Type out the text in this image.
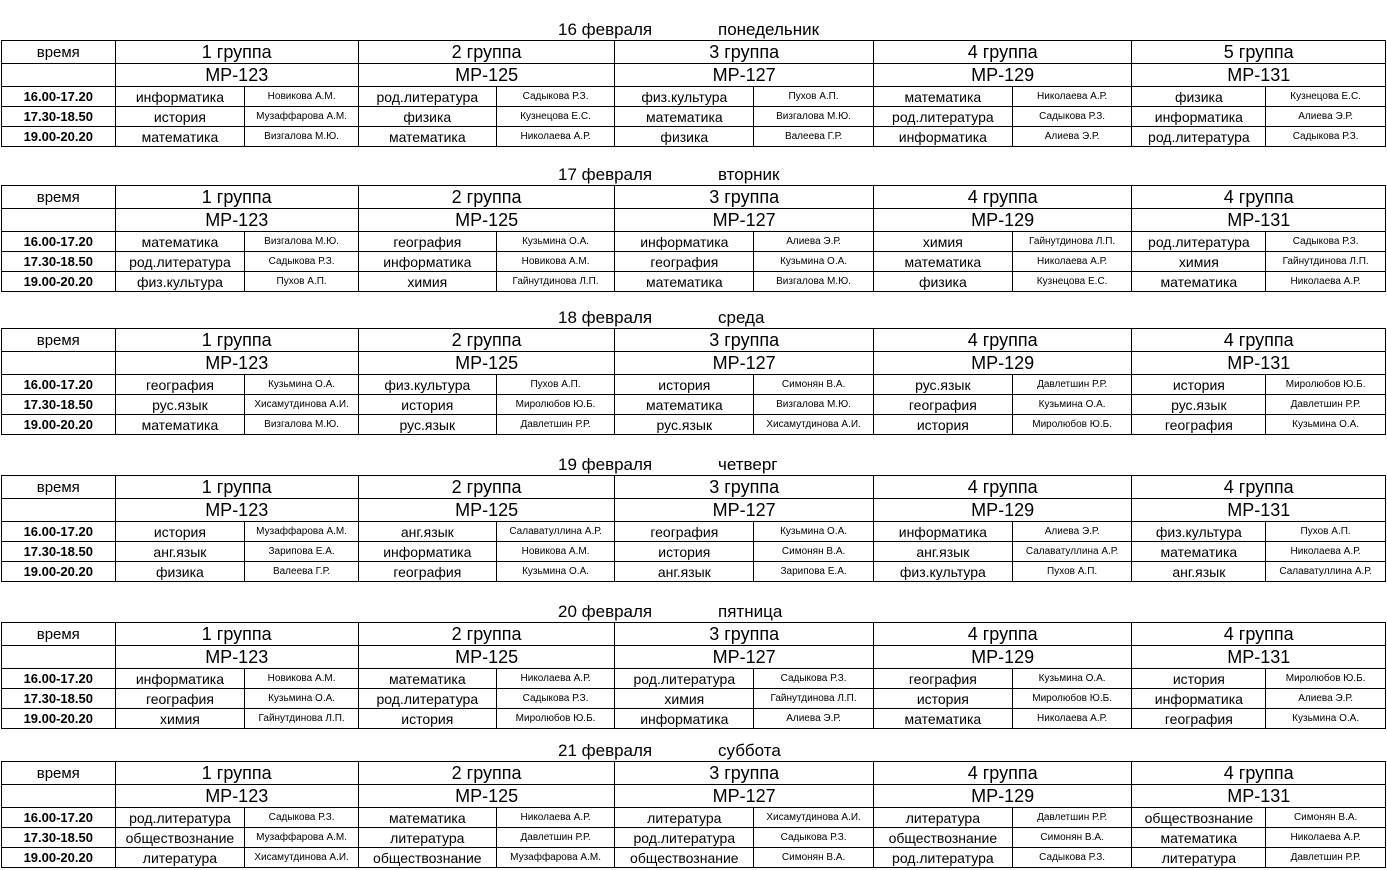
16 февраля	понедельник
время	1 группа		2 группа		3 группа		4 группа		5 группа	
	МР-123		МР-125		МР-127		МР-129		МР-131	
16.00-17.20	информатика	Новикова А.М.	род.литература	Садыкова Р.З.	физ.культура	Пухов А.П.	математика	Николаева А.Р.	физика	Кузнецова Е.С.
17.30-18.50	история	Музаффарова А.М.	физика	Кузнецова Е.С.	математика	Визгалова М.Ю.	род.литература	Садыкова Р.З.	информатика	Алиева Э.Р.
19.00-20.20	математика	Визгалова М.Ю.	математика	Николаева А.Р.	физика	Валеева Г.Р.	информатика	Алиева Э.Р.	род.литература	Садыкова Р.З.
17 февраля	вторник
время	1 группа		2 группа		3 группа		4 группа		4 группа	
	МР-123		МР-125		МР-127		МР-129		МР-131	
16.00-17.20	математика	Визгалова М.Ю.	география	Кузьмина О.А.	информатика	Алиева Э.Р.	химия	Гайнутдинова Л.П.	род.литература	Садыкова Р.З.
17.30-18.50	род.литература	Садыкова Р.З.	информатика	Новикова А.М.	география	Кузьмина О.А.	математика	Николаева А.Р.	химия	Гайнутдинова Л.П.
19.00-20.20	физ.культура	Пухов А.П.	химия	Гайнутдинова Л.П.	математика	Визгалова М.Ю.	физика	Кузнецова Е.С.	математика	Николаева А.Р.
18 февраля	среда
время	1 группа		2 группа		3 группа		4 группа		4 группа	
	МР-123		МР-125		МР-127		МР-129		МР-131	
16.00-17.20	география	Кузьмина О.А.	физ.культура	Пухов А.П.	история	Симонян В.А.	рус.язык	Давлетшин Р.Р.	история	Миролюбов Ю.Б.
17.30-18.50	рус.язык	Хисамутдинова А.И.	история	Миролюбов Ю.Б.	математика	Визгалова М.Ю.	география	Кузьмина О.А.	рус.язык	Давлетшин Р.Р.
19.00-20.20	математика	Визгалова М.Ю.	рус.язык	Давлетшин Р.Р.	рус.язык	Хисамутдинова А.И.	история	Миролюбов Ю.Б.	география	Кузьмина О.А.
19 февраля	четверг
время	1 группа		2 группа		3 группа		4 группа		4 группа	
	МР-123		МР-125		МР-127		МР-129		МР-131	
16.00-17.20	история	Музаффарова А.М.	анг.язык	Салаватуллина А.Р.	география	Кузьмина О.А.	информатика	Алиева Э.Р.	физ.культура	Пухов А.П.
17.30-18.50	анг.язык	Зарипова Е.А.	информатика	Новикова А.М.	история	Симонян В.А.	анг.язык	Салаватуллина А.Р.	математика	Николаева А.Р.
19.00-20.20	физика	Валеева Г.Р.	география	Кузьмина О.А.	анг.язык	Зарипова Е.А.	физ.культура	Пухов А.П.	анг.язык	Салаватуллина А.Р.
20 февраля	пятница
время	1 группа		2 группа		3 группа		4 группа		4 группа	
	МР-123		МР-125		МР-127		МР-129		МР-131	
16.00-17.20	информатика	Новикова А.М.	математика	Николаева А.Р.	род.литература	Садыкова Р.З.	география	Кузьмина О.А.	история	Миролюбов Ю.Б.
17.30-18.50	география	Кузьмина О.А.	род.литература	Садыкова Р.З.	химия	Гайнутдинова Л.П.	история	Миролюбов Ю.Б.	информатика	Алиева Э.Р.
19.00-20.20	химия	Гайнутдинова Л.П.	история	Миролюбов Ю.Б.	информатика	Алиева Э.Р.	математика	Николаева А.Р.	география	Кузьмина О.А.
21 февраля	суббота
время	1 группа		2 группа		3 группа		4 группа		4 группа	
	МР-123		МР-125		МР-127		МР-129		МР-131	
16.00-17.20	род.литература	Садыкова Р.З.	математика	Николаева А.Р.	литература	Хисамутдинова А.И.	литература	Давлетшин Р.Р.	обществознание	Симонян В.А.
17.30-18.50	обществознание	Музаффарова А.М.	литература	Давлетшин Р.Р.	род.литература	Садыкова Р.З.	обществознание	Симонян В.А.	математика	Николаева А.Р.
19.00-20.20	литература	Хисамутдинова А.И.	обществознание	Музаффарова А.М.	обществознание	Симонян В.А.	род.литература	Садыкова Р.З.	литература	Давлетшин Р.Р.
